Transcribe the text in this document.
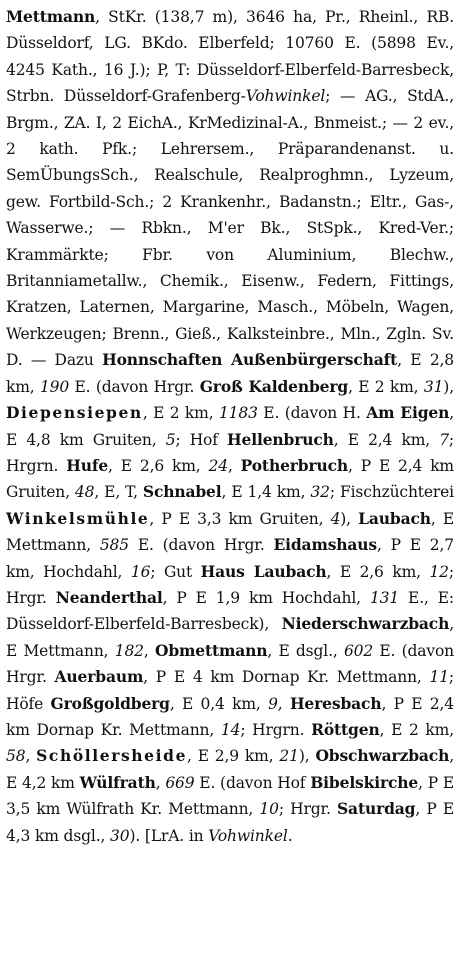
Mettmann, StKr. (138,7 m), 3646 ha, Pr., Rheinl., RB. Düsseldorf, LG. BKdo. Elberfeld; 10760 E. (5898 Ev., 4245 Kath., 16 J.); P, T: Düsseldorf-Elberfeld-Barresbeck, Strbn. Düsseldorf-Grafenberg-Vohwinkel; — AG., StdA., Brgm., ZA. I, 2 EichA., KrMedizinal-A., Bnmeist.; — 2 ev., 2 kath. Pfk.; Lehrersem., Präparandenanst. u. SemÜbungsSch., Realschule, Realproghmn., Lyzeum, gew. Fortbild-Sch.; 2 Krankenhr., Badanstn.; Eltr., Gas-, Wasserwe.; — Rbkn., M'er Bk., StSpk., Kred-Ver.; Krammärkte; Fbr. von Aluminium, Blechw., Britanniametallw., Chemik., Eisenw., Federn, Fittings, Kratzen, Laternen, Margarine, Masch., Möbeln, Wagen, Werkzeugen; Brenn., Gieß., Kalksteinbre., Mln., Zgln. Sv. D. — Dazu Honnschaften Außenbürgerschaft, E 2,8 km, 190 E. (davon Hrgr. Groß Kaldenberg, E 2 km, 31), Diepensiepen, E 2 km, 1183 E. (davon H. Am Eigen, E 4,8 km Gruiten, 5; Hof Hellenbruch, E 2,4 km, 7; Hrgrn. Hufe, E 2,6 km, 24, Potherbruch, P E 2,4 km Gruiten, 48, E, T, Schnabel, E 1,4 km, 32; Fischzüchterei Winkelsmühle, P E 3,3 km Gruiten, 4), Laubach, E Mettmann, 585 E. (davon Hrgr. Eidamshaus, P E 2,7 km, Hochdahl, 16; Gut Haus Laubach, E 2,6 km, 12; Hrgr. Neanderthal, P E 1,9 km Hochdahl, 131 E., E: Düsseldorf-Elberfeld-Barresbeck), Niederschwarzbach, E Mettmann, 182, Obmettmann, E dsgl., 602 E. (davon Hrgr. Auerbaum, P E 4 km Dornap Kr. Mettmann, 11; Höfe Großgoldberg, E 0,4 km, 9, Heresbach, P E 2,4 km Dornap Kr. Mettmann, 14; Hrgrn. Röttgen, E 2 km, 58, Schöllersheide, E 2,9 km, 21), Obschwarzbach, E 4,2 km Wülfrath, 669 E. (davon Hof Bibelskirche, P E 3,5 km Wülfrath Kr. Mettmann, 10; Hrgr. Saturdag, P E 4,3 km dsgl., 30). [LrA. in Vohwinkel.
